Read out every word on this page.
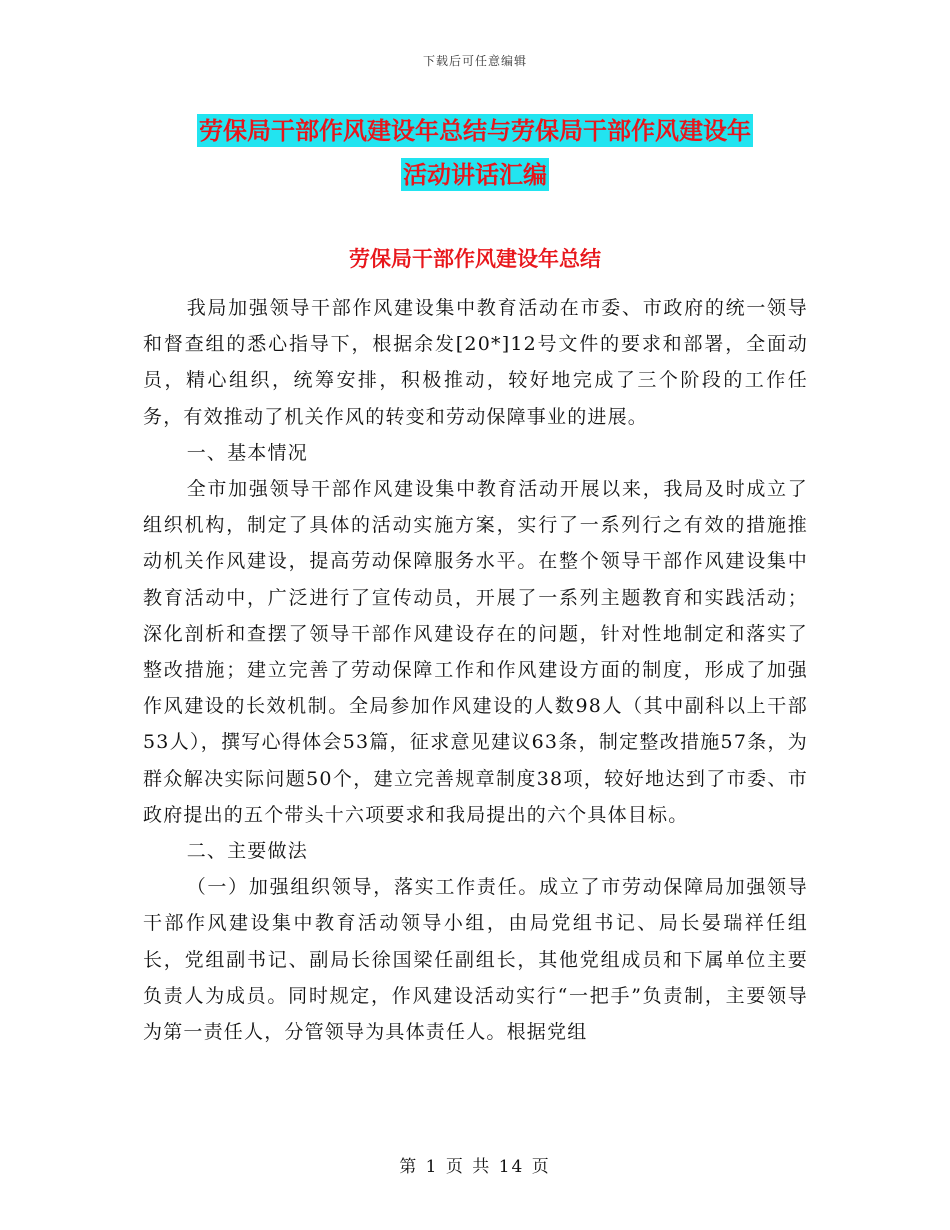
下载后可任意编辑
劳保局干部作风建设年总结与劳保局干部作风建设年
活动讲话汇编
劳保局干部作风建设年总结

我局加强领导干部作风建设集中教育活动在市委、市政府的统一领导和督查组的悉心指导下，根据余发[20*]12号文件的要求和部署，全面动员，精心组织，统筹安排，积极推动，较好地完成了三个阶段的工作任务，有效推动了机关作风的转变和劳动保障事业的进展。

一、基本情况

全市加强领导干部作风建设集中教育活动开展以来，我局及时成立了组织机构，制定了具体的活动实施方案，实行了一系列行之有效的措施推动机关作风建设，提高劳动保障服务水平。在整个领导干部作风建设集中教育活动中，广泛进行了宣传动员，开展了一系列主题教育和实践活动；深化剖析和查摆了领导干部作风建设存在的问题，针对性地制定和落实了整改措施；建立完善了劳动保障工作和作风建设方面的制度，形成了加强作风建设的长效机制。全局参加作风建设的人数98人（其中副科以上干部53人），撰写心得体会53篇，征求意见建议63条，制定整改措施57条，为群众解决实际问题50个，建立完善规章制度38项，较好地达到了市委、市政府提出的五个带头十六项要求和我局提出的六个具体目标。

二、主要做法

（一）加强组织领导，落实工作责任。成立了市劳动保障局加强领导干部作风建设集中教育活动领导小组，由局党组书记、局长晏瑞祥任组长，党组副书记、副局长徐国梁任副组长，其他党组成员和下属单位主要负责人为成员。同时规定，作风建设活动实行“一把手”负责制，主要领导为第一责任人，分管领导为具体责任人。根据党组

第 1 页 共 14 页
